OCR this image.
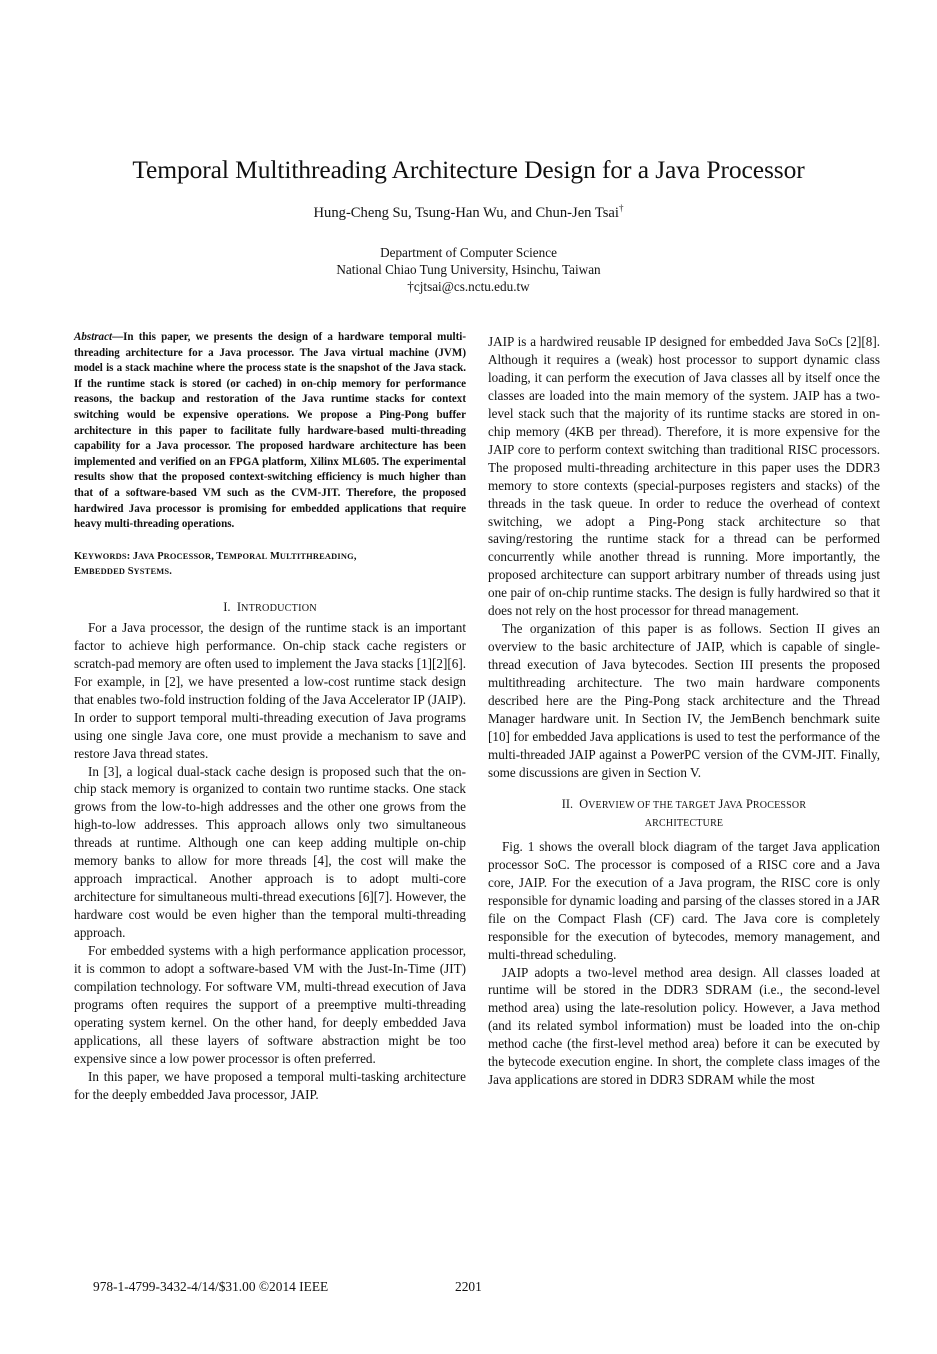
Temporal Multithreading Architecture Design for a Java Processor

Hung-Cheng Su, Tsung-Han Wu, and Chun-Jen Tsai†

Department of Computer Science
National Chiao Tung University, Hsinchu, Taiwan
†cjtsai@cs.nctu.edu.tw

Abstract—In this paper, we presents the design of a hardware temporal multi-threading architecture for a Java processor. The Java virtual machine (JVM) model is a stack machine where the process state is the snapshot of the Java stack. If the runtime stack is stored (or cached) in on-chip memory for performance reasons, the backup and restoration of the Java runtime stacks for context switching would be expensive operations. We propose a Ping-Pong buffer architecture in this paper to facilitate fully hardware-based multi-threading capability for a Java processor. The proposed hardware architecture has been implemented and verified on an FPGA platform, Xilinx ML605. The experimental results show that the proposed context-switching efficiency is much higher than that of a software-based VM such as the CVM-JIT. Therefore, the proposed hardwired Java processor is promising for embedded applications that require heavy multi-threading operations.

KEYWORDS: JAVA PROCESSOR, TEMPORAL MULTITHREADING,
EMBEDDED SYSTEMS.

I. INTRODUCTION

For a Java processor, the design of the runtime stack is an important factor to achieve high performance. On-chip stack cache registers or scratch-pad memory are often used to implement the Java stacks [1][2][6]. For example, in [2], we have presented a low-cost runtime stack design that enables two-fold instruction folding of the Java Accelerator IP (JAIP). In order to support temporal multi-threading execution of Java programs using one single Java core, one must provide a mechanism to save and restore Java thread states.

In [3], a logical dual-stack cache design is proposed such that the on-chip stack memory is organized to contain two runtime stacks. One stack grows from the low-to-high addresses and the other one grows from the high-to-low addresses. This approach allows only two simultaneous threads at runtime. Although one can keep adding multiple on-chip memory banks to allow for more threads [4], the cost will make the approach impractical. Another approach is to adopt multi-core architecture for simultaneous multi-thread executions [6][7]. However, the hardware cost would be even higher than the temporal multi-threading approach.

For embedded systems with a high performance application processor, it is common to adopt a software-based VM with the Just-In-Time (JIT) compilation technology. For software VM, multi-thread execution of Java programs often requires the support of a preemptive multi-threading operating system kernel. On the other hand, for deeply embedded Java applications, all these layers of software abstraction might be too expensive since a low power processor is often preferred.

In this paper, we have proposed a temporal multi-tasking architecture for the deeply embedded Java processor, JAIP.

JAIP is a hardwired reusable IP designed for embedded Java SoCs [2][8]. Although it requires a (weak) host processor to support dynamic class loading, it can perform the execution of Java classes all by itself once the classes are loaded into the main memory of the system. JAIP has a two-level stack such that the majority of its runtime stacks are stored in on-chip memory (4KB per thread). Therefore, it is more expensive for the JAIP core to perform context switching than traditional RISC processors. The proposed multi-threading architecture in this paper uses the DDR3 memory to store contexts (special-purposes registers and stacks) of the threads in the task queue. In order to reduce the overhead of context switching, we adopt a Ping-Pong stack architecture so that saving/restoring the runtime stack for a thread can be performed concurrently while another thread is running. More importantly, the proposed architecture can support arbitrary number of threads using just one pair of on-chip runtime stacks. The design is fully hardwired so that it does not rely on the host processor for thread management.

The organization of this paper is as follows. Section II gives an overview to the basic architecture of JAIP, which is capable of single-thread execution of Java bytecodes. Section III presents the proposed multithreading architecture. The two main hardware components described here are the Ping-Pong stack architecture and the Thread Manager hardware unit. In Section IV, the JemBench benchmark suite [10] for embedded Java applications is used to test the performance of the multi-threaded JAIP against a PowerPC version of the CVM-JIT. Finally, some discussions are given in Section V.

II. OVERVIEW OF THE TARGET JAVA PROCESSOR
ARCHITECTURE

Fig. 1 shows the overall block diagram of the target Java application processor SoC. The processor is composed of a RISC core and a Java core, JAIP. For the execution of a Java program, the RISC core is only responsible for dynamic loading and parsing of the classes stored in a JAR file on the Compact Flash (CF) card. The Java core is completely responsible for the execution of bytecodes, memory management, and multi-thread scheduling.

JAIP adopts a two-level method area design. All classes loaded at runtime will be stored in the DDR3 SDRAM (i.e., the second-level method area) using the late-resolution policy. However, a Java method (and its related symbol information) must be loaded into the on-chip method cache (the first-level method area) before it can be executed by the bytecode execution engine. In short, the complete class images of the Java applications are stored in DDR3 SDRAM while the most

978-1-4799-3432-4/14/$31.00 ©2014 IEEE	2201
